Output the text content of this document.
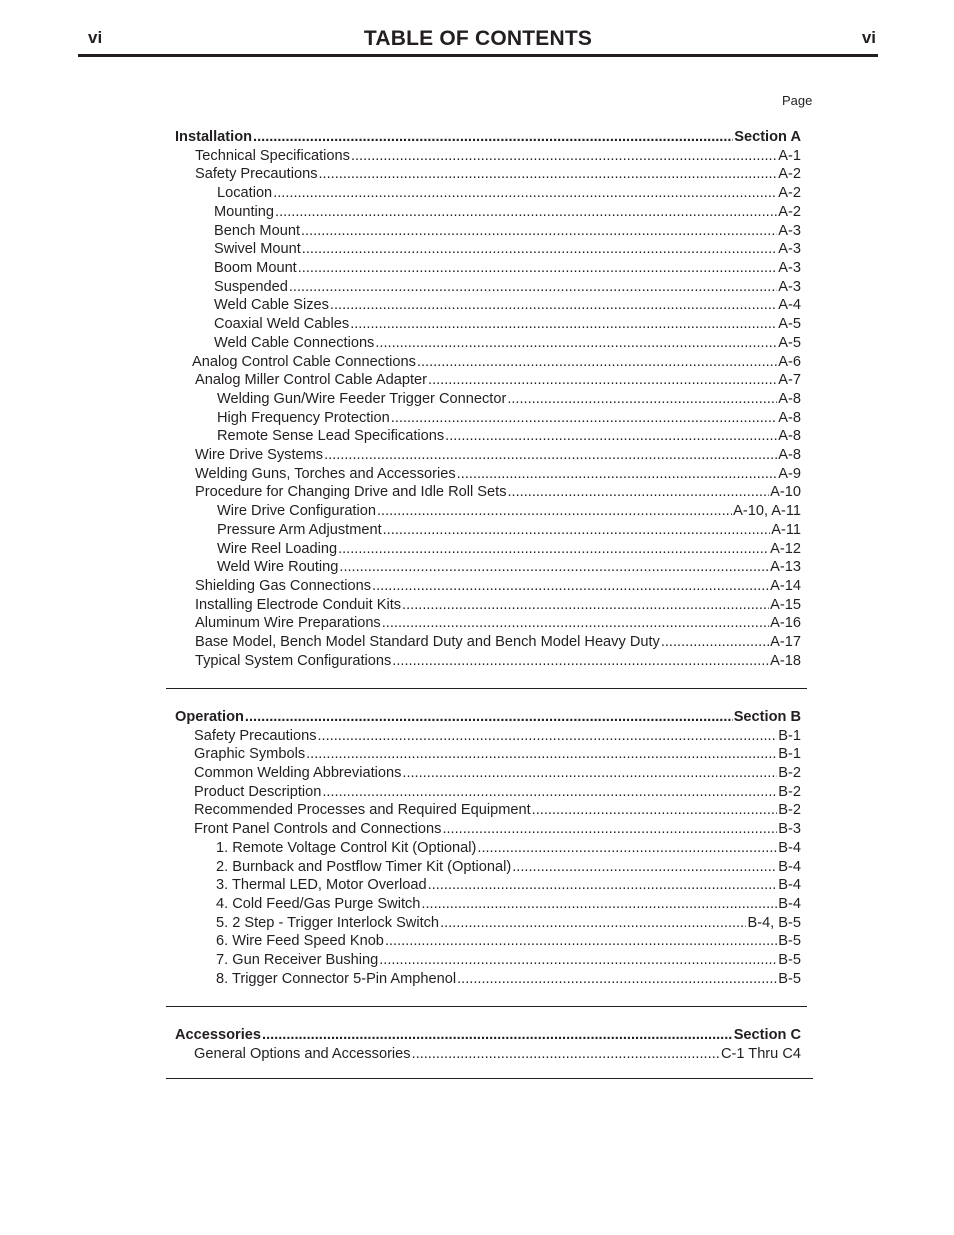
vi	TABLE OF CONTENTS	vi
Page
Installation .....	Section A
Technical Specifications .....	A-1
Safety Precautions .....	A-2
Location .....	A-2
Mounting .....	A-2
Bench Mount .....	A-3
Swivel Mount .....	A-3
Boom Mount .....	A-3
Suspended .....	A-3
Weld Cable Sizes .....	A-4
Coaxial Weld Cables .....	A-5
Weld Cable Connections .....	A-5
Analog Control Cable Connections .....	A-6
Analog Miller Control Cable Adapter .....	A-7
Welding Gun/Wire Feeder Trigger Connector .....	A-8
High Frequency Protection .....	A-8
Remote Sense Lead Specifications .....	A-8
Wire Drive Systems .....	A-8
Welding Guns, Torches and Accessories .....	A-9
Procedure for Changing Drive and Idle Roll Sets .....	A-10
Wire Drive Configuration .....	A-10, A-11
Pressure Arm Adjustment .....	A-11
Wire Reel Loading .....	A-12
Weld Wire Routing .....	A-13
Shielding Gas Connections .....	A-14
Installing Electrode Conduit Kits .....	A-15
Aluminum Wire Preparations .....	A-16
Base Model, Bench Model Standard Duty and Bench Model Heavy Duty .....	A-17
Typical System Configurations .....	A-18
Operation .....	Section B
Safety Precautions .....	B-1
Graphic Symbols .....	B-1
Common Welding Abbreviations .....	B-2
Product Description .....	B-2
Recommended Processes and Required Equipment .....	B-2
Front Panel Controls and Connections .....	B-3
1. Remote Voltage Control Kit (Optional) .....	B-4
2. Burnback and Postflow Timer Kit (Optional) .....	B-4
3. Thermal LED, Motor Overload .....	B-4
4. Cold Feed/Gas Purge Switch .....	B-4
5. 2 Step - Trigger Interlock Switch .....	B-4, B-5
6. Wire Feed Speed Knob .....	B-5
7. Gun Receiver Bushing .....	B-5
8. Trigger Connector 5-Pin Amphenol .....	B-5
Accessories .....	Section C
General Options and Accessories .....	C-1 Thru C4
